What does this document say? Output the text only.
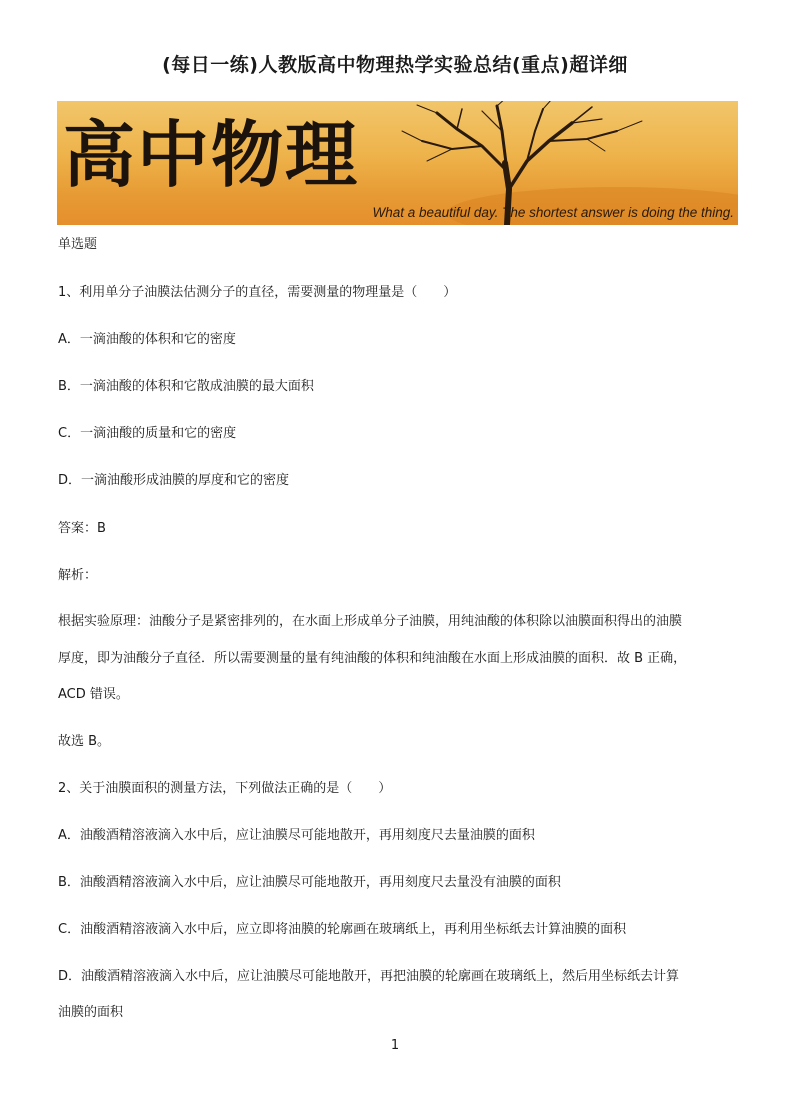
(每日一练)人教版高中物理热学实验总结(重点)超详细
高中物理
What a beautiful day. The shortest answer is doing the thing.
单选题
1、利用单分子油膜法估测分子的直径，需要测量的物理量是（　　）
A．一滴油酸的体积和它的密度
B．一滴油酸的体积和它散成油膜的最大面积
C．一滴油酸的质量和它的密度
D．一滴油酸形成油膜的厚度和它的密度
答案：B
解析：
根据实验原理：油酸分子是紧密排列的，在水面上形成单分子油膜，用纯油酸的体积除以油膜面积得出的油膜
厚度，即为油酸分子直径．所以需要测量的量有纯油酸的体积和纯油酸在水面上形成油膜的面积．故 B 正确，
ACD 错误。
故选 B。
2、关于油膜面积的测量方法，下列做法正确的是（　　）
A．油酸酒精溶液滴入水中后，应让油膜尽可能地散开，再用刻度尺去量油膜的面积
B．油酸酒精溶液滴入水中后，应让油膜尽可能地散开，再用刻度尺去量没有油膜的面积
C．油酸酒精溶液滴入水中后，应立即将油膜的轮廓画在玻璃纸上，再利用坐标纸去计算油膜的面积
D．油酸酒精溶液滴入水中后，应让油膜尽可能地散开，再把油膜的轮廓画在玻璃纸上，然后用坐标纸去计算
油膜的面积
1
